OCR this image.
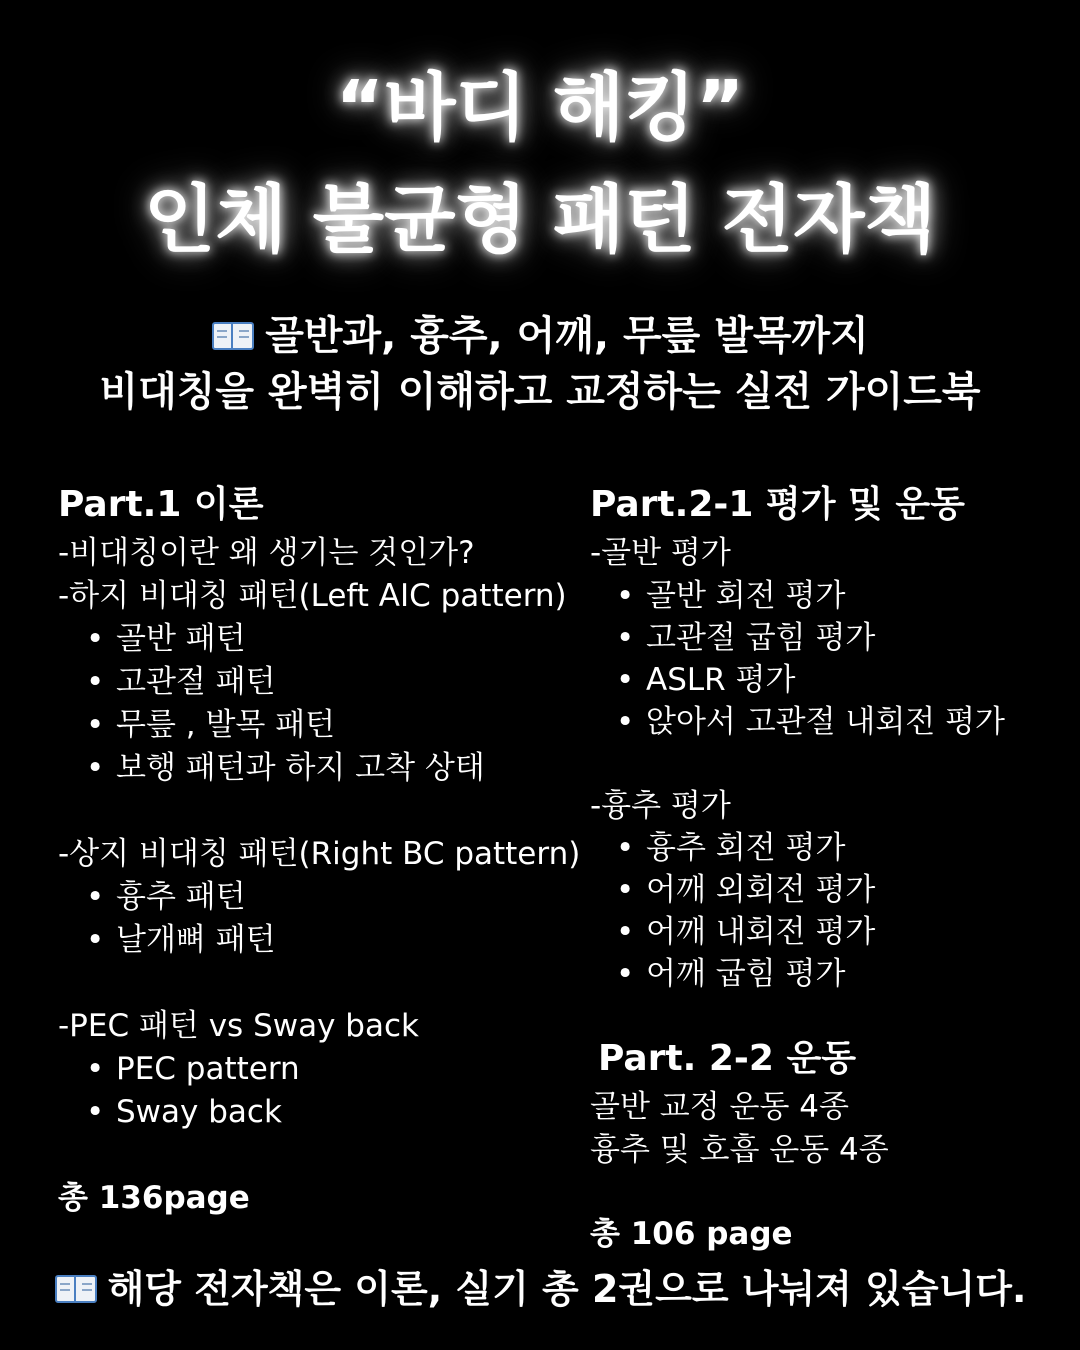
“바디 해킹”
인체 불균형 패턴 전자책
골반과, 흉추, 어깨, 무릎 발목까지
비대칭을 완벽히 이해하고 교정하는 실전 가이드북
Part.1 이론
-비대칭이란 왜 생기는 것인가?
-하지 비대칭 패턴(Left AIC pattern)
• 골반 패턴
• 고관절 패턴
• 무릎 , 발목 패턴
• 보행 패턴과 하지 고착 상태
-상지 비대칭 패턴(Right BC pattern)
• 흉추 패턴
• 날개뼈 패턴
-PEC 패턴 vs Sway back
• PEC pattern
• Sway back
총 136page
Part.2-1 평가 및 운동
-골반 평가
• 골반 회전 평가
• 고관절 굽힘 평가
• ASLR 평가
• 앉아서 고관절 내회전 평가
-흉추 평가
• 흉추 회전 평가
• 어깨 외회전 평가
• 어깨 내회전 평가
• 어깨 굽힘 평가
Part. 2-2 운동
골반 교정 운동 4종
흉추 및 호흡 운동 4종
총 106 page
해당 전자책은 이론, 실기 총 2권으로 나눠져 있습니다.
